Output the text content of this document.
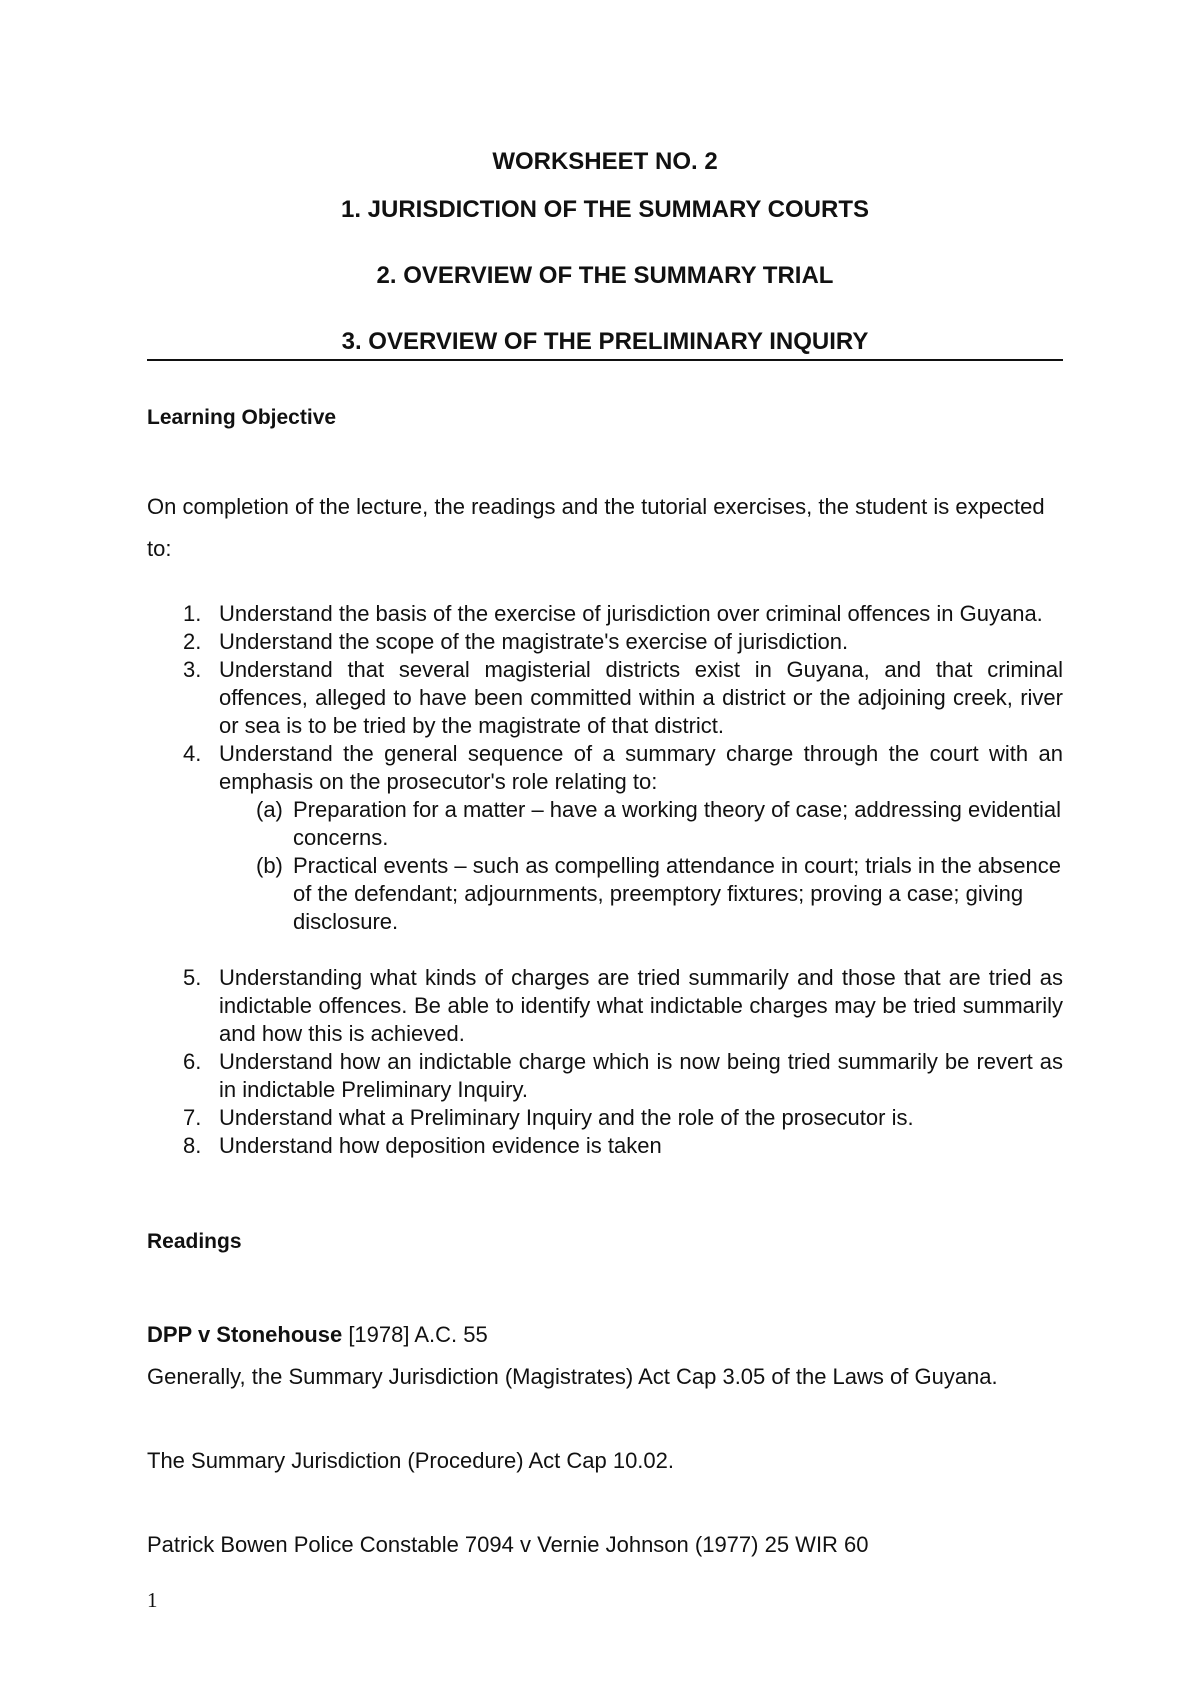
WORKSHEET NO. 2
1. JURISDICTION OF THE SUMMARY COURTS
2. OVERVIEW OF THE SUMMARY TRIAL
3. OVERVIEW OF THE PRELIMINARY INQUIRY
Learning Objective
On completion of the lecture, the readings and the tutorial exercises, the student is expected to:
1. Understand the basis of the exercise of jurisdiction over criminal offences in Guyana.
2. Understand the scope of the magistrate's exercise of jurisdiction.
3. Understand that several magisterial districts exist in Guyana, and that criminal offences, alleged to have been committed within a district or the adjoining creek, river or sea is to be tried by the magistrate of that district.
4. Understand the general sequence of a summary charge through the court with an emphasis on the prosecutor's role relating to:
(a) Preparation for a matter – have a working theory of case; addressing evidential concerns.
(b) Practical events – such as compelling attendance in court; trials in the absence of the defendant; adjournments, preemptory fixtures; proving a case; giving disclosure.
5. Understanding what kinds of charges are tried summarily and those that are tried as indictable offences. Be able to identify what indictable charges may be tried summarily and how this is achieved.
6. Understand how an indictable charge which is now being tried summarily be revert as in indictable Preliminary Inquiry.
7. Understand what a Preliminary Inquiry and the role of the prosecutor is.
8. Understand how deposition evidence is taken
Readings
DPP v Stonehouse [1978] A.C. 55
Generally, the Summary Jurisdiction (Magistrates) Act Cap 3.05 of the Laws of Guyana.
The Summary Jurisdiction (Procedure) Act Cap 10.02.
Patrick Bowen Police Constable 7094 v Vernie Johnson (1977) 25 WIR 60
1
